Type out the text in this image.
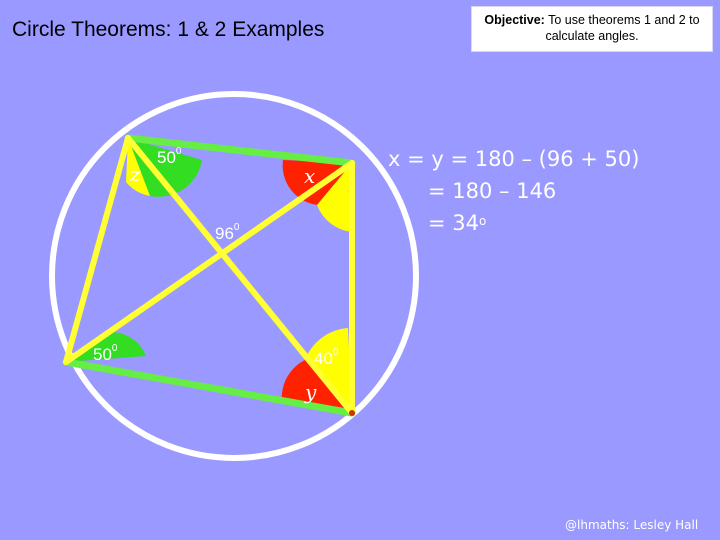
Circle Theorems: 1 & 2 Examples	Objective: To use theorems 1 and 2 to calculate angles.
$50^0$
$96^0$
$50^0$
$40^0$
z	x
y
x = y = 180 – (96 + 50)
= 180 – 146
= $34^o$
@lhmaths: Lesley Hall
